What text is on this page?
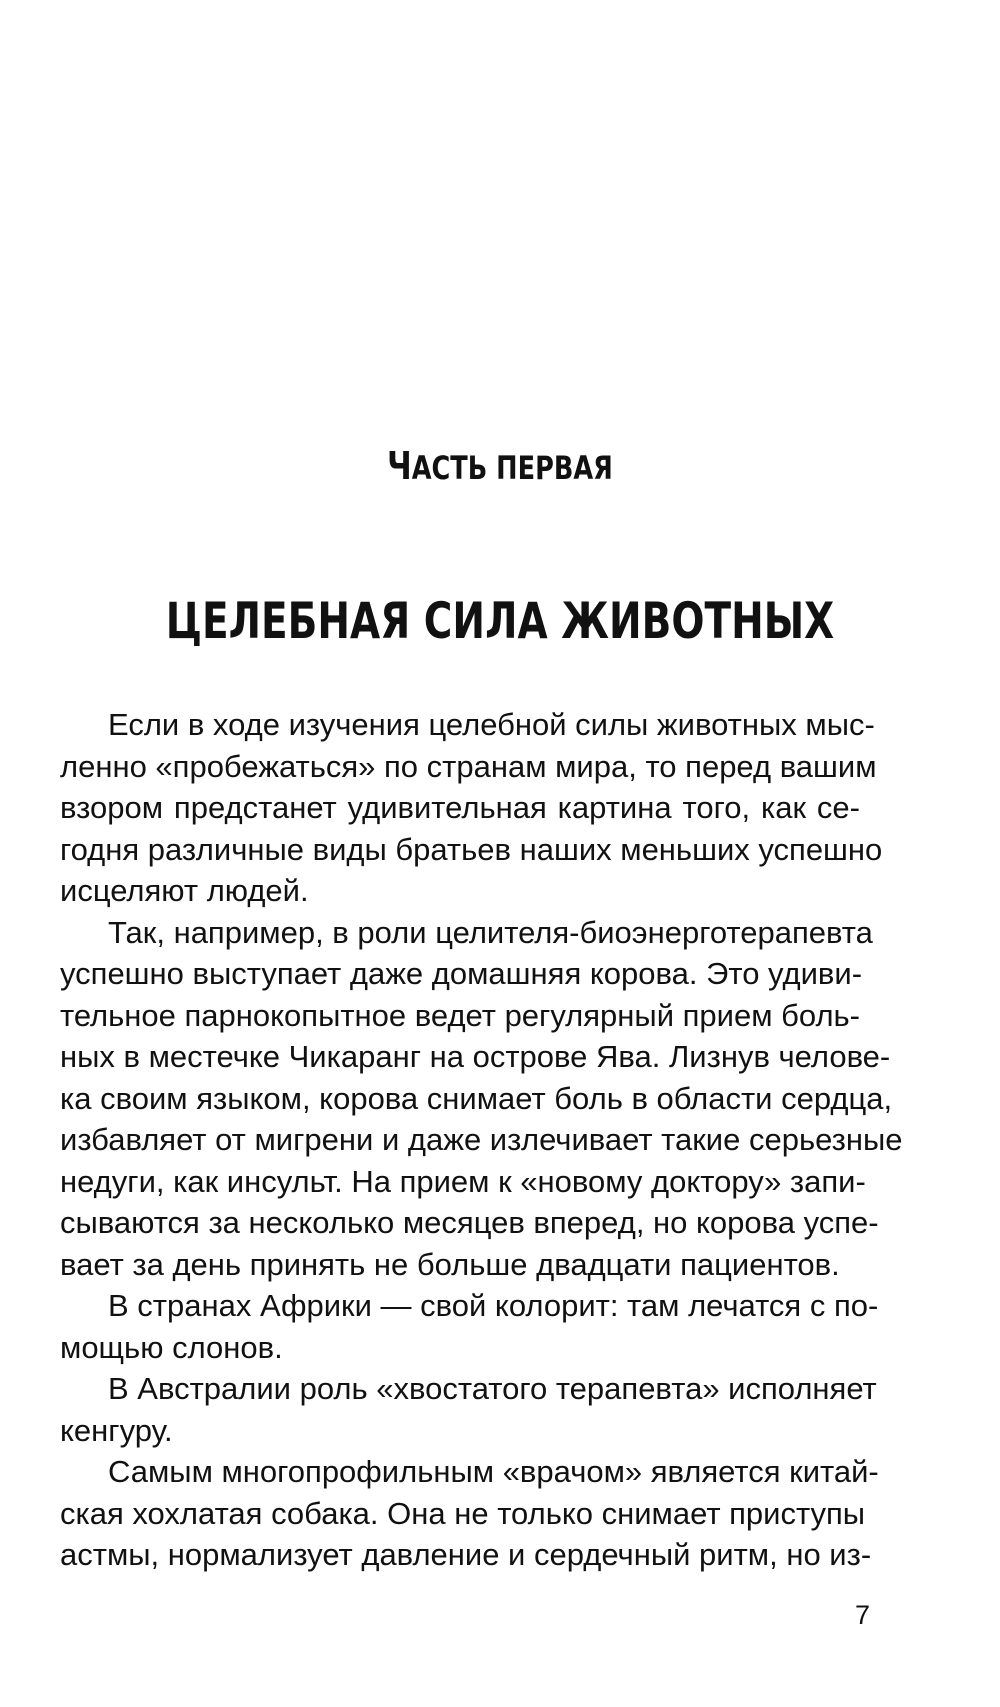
ЧАСТЬ ПЕРВАЯ
ЦЕЛЕБНАЯ СИЛА ЖИВОТНЫХ
Если в ходе изучения целебной силы животных мыс-
ленно «пробежаться» по странам мира, то перед вашим
взором предстанет удивительная картина того, как се-
годня различные виды братьев наших меньших успешно
исцеляют людей.
Так, например, в роли целителя-биоэнерготерапевта
успешно выступает даже домашняя корова. Это удиви-
тельное парнокопытное ведет регулярный прием боль-
ных в местечке Чикаранг на острове Ява. Лизнув челове-
ка своим языком, корова снимает боль в области сердца,
избавляет от мигрени и даже излечивает такие серьезные
недуги, как инсульт. На прием к «новому доктору» запи-
сываются за несколько месяцев вперед, но корова успе-
вает за день принять не больше двадцати пациентов.
В странах Африки — свой колорит: там лечатся с по-
мощью слонов.
В Австралии роль «хвостатого терапевта» исполняет
кенгуру.
Самым многопрофильным «врачом» является китай-
ская хохлатая собака. Она не только снимает приступы
астмы, нормализует давление и сердечный ритм, но из-
7
